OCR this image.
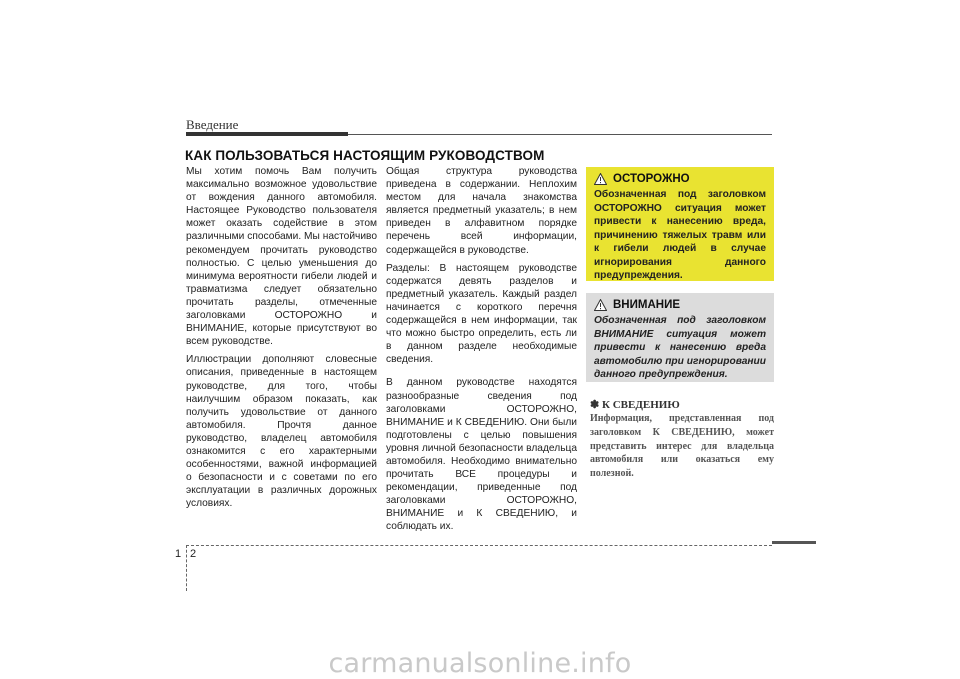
Введение
КАК ПОЛЬЗОВАТЬСЯ НАСТОЯЩИМ РУКОВОДСТВОМ

Мы хотим помочь Вам получить максимально возможное удовольствие от вождения данного автомобиля. Настоящее Руководство пользователя может оказать содействие в этом различными способами. Мы настойчиво рекомендуем прочитать руководство полностью. С целью уменьшения до минимума вероятности гибели людей и травматизма следует обязательно прочитать разделы, отмеченные заголовками ОСТОРОЖНО и ВНИМАНИЕ, которые присутствуют во всем руководстве.

Иллюстрации дополняют словесные описания, приведенные в настоящем руководстве, для того, чтобы наилучшим образом показать, как получить удовольствие от данного автомобиля. Прочтя данное руководство, владелец автомобиля ознакомится с его характерными особенностями, важной информацией о безопасности и с советами по его эксплуатации в различных дорожных условиях.

Общая структура руководства приведена в содержании. Неплохим местом для начала знакомства является предметный указатель; в нем приведен в алфавитном порядке перечень всей информации, содержащейся в руководстве.

Разделы: В настоящем руководстве содержатся девять разделов и предметный указатель. Каждый раздел начинается с короткого перечня содержащейся в нем информации, так что можно быстро определить, есть ли в данном разделе необходимые сведения.

В данном руководстве находятся разнообразные сведения под заголовками ОСТОРОЖНО, ВНИМАНИЕ и К СВЕДЕНИЮ. Они были подготовлены с целью повышения уровня личной безопасности владельца автомобиля. Необходимо внимательно прочитать ВСЕ процедуры и рекомендации, приведенные под заголовками ОСТОРОЖНО, ВНИМАНИЕ и К СВЕДЕНИЮ, и соблюдать их.

ОСТОРОЖНО
Обозначенная под заголовком ОСТОРОЖНО ситуация может привести к нанесению вреда, причинению тяжелых травм или к гибели людей в случае игнорирования данного предупреждения.
ВНИМАНИЕ
Обозначенная под заголовком ВНИМАНИЕ ситуация может привести к нанесению вреда автомобилю при игнорировании данного предупреждения.
✽ К СВЕДЕНИЮ
Информация, представленная под заголовком К СВЕДЕНИЮ, может представить интерес для владельца автомобиля или оказаться ему полезной.
1 2
carmanualsonline.info
